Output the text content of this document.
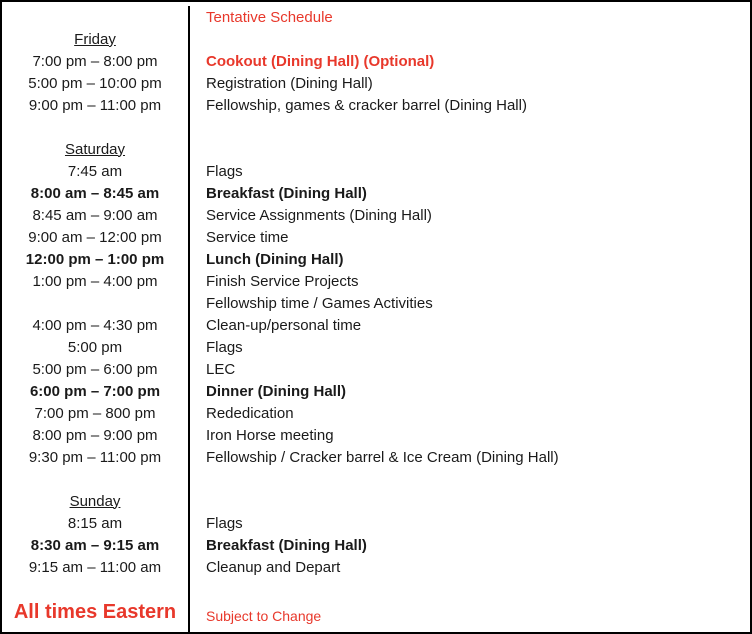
Tentative Schedule
Friday
7:00 pm – 8:00 pm	Cookout (Dining Hall) (Optional)
5:00 pm – 10:00 pm	Registration (Dining Hall)
9:00 pm – 11:00 pm	Fellowship, games & cracker barrel (Dining Hall)
Saturday
7:45 am	Flags
8:00 am – 8:45 am	Breakfast (Dining Hall)
8:45 am – 9:00 am	Service Assignments (Dining Hall)
9:00 am – 12:00 pm	Service time
12:00 pm – 1:00 pm	Lunch (Dining Hall)
1:00 pm – 4:00 pm	Finish Service Projects
Fellowship time / Games Activities
4:00 pm – 4:30 pm	Clean-up/personal time
5:00 pm	Flags
5:00 pm – 6:00 pm	LEC
6:00 pm – 7:00 pm	Dinner (Dining Hall)
7:00 pm – 800 pm	Rededication
8:00 pm – 9:00 pm	Iron Horse meeting
9:30 pm – 11:00 pm	Fellowship / Cracker barrel & Ice Cream (Dining Hall)
Sunday
8:15 am	Flags
8:30 am – 9:15 am	Breakfast (Dining Hall)
9:15 am – 11:00 am	Cleanup and Depart
All times Eastern	Subject to Change
